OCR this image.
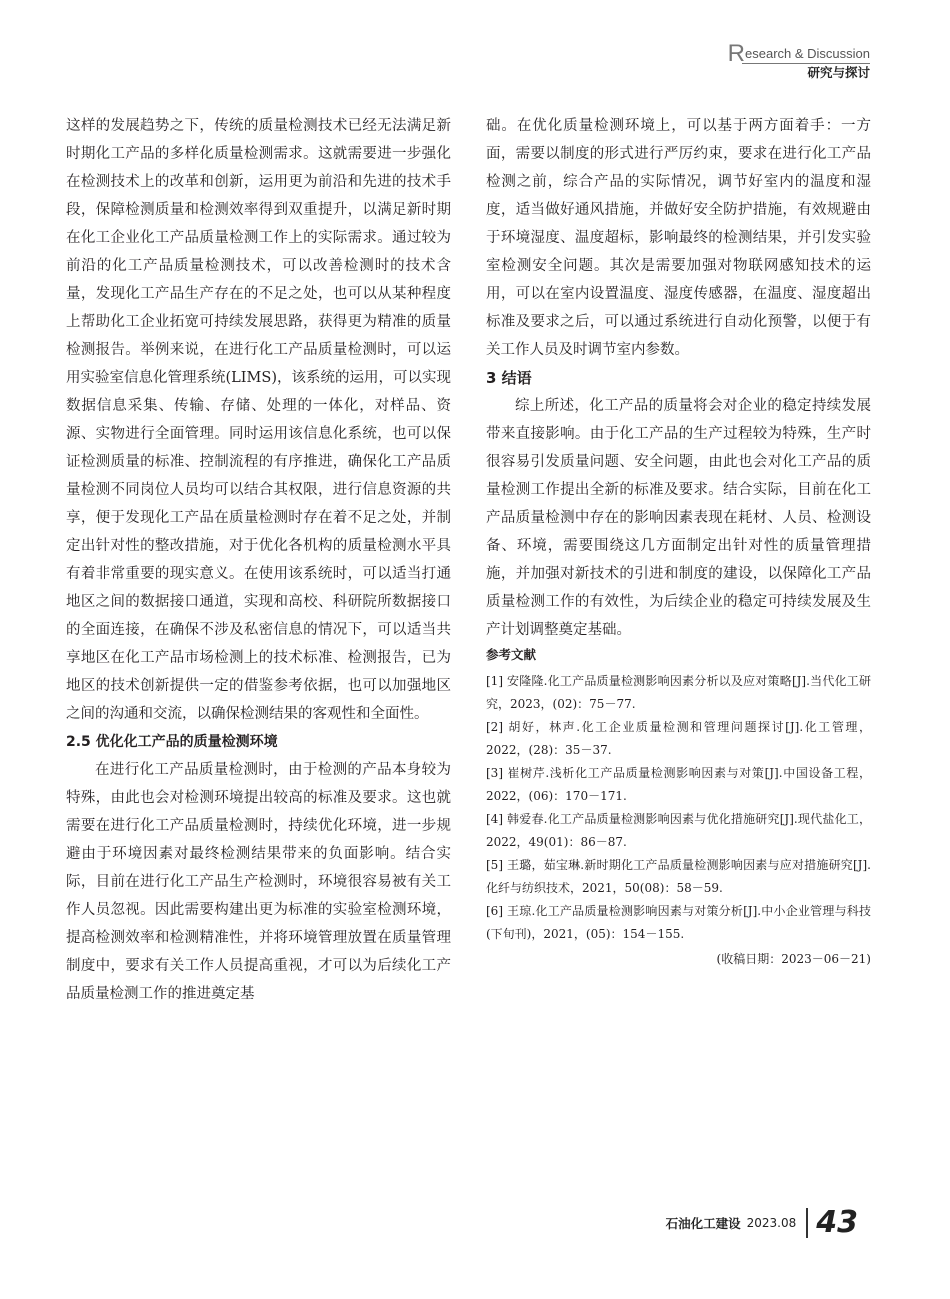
Research & Discussion
研究与探讨

这样的发展趋势之下，传统的质量检测技术已经无法满足新时期化工产品的多样化质量检测需求。这就需要进一步强化在检测技术上的改革和创新，运用更为前沿和先进的技术手段，保障检测质量和检测效率得到双重提升，以满足新时期在化工企业化工产品质量检测工作上的实际需求。通过较为前沿的化工产品质量检测技术，可以改善检测时的技术含量，发现化工产品生产存在的不足之处，也可以从某种程度上帮助化工企业拓宽可持续发展思路，获得更为精准的质量检测报告。举例来说，在进行化工产品质量检测时，可以运用实验室信息化管理系统(LIMS)，该系统的运用，可以实现数据信息采集、传输、存储、处理的一体化，对样品、资源、实物进行全面管理。同时运用该信息化系统，也可以保证检测质量的标准、控制流程的有序推进，确保化工产品质量检测不同岗位人员均可以结合其权限，进行信息资源的共享，便于发现化工产品在质量检测时存在着不足之处，并制定出针对性的整改措施，对于优化各机构的质量检测水平具有着非常重要的现实意义。在使用该系统时，可以适当打通地区之间的数据接口通道，实现和高校、科研院所数据接口的全面连接，在确保不涉及私密信息的情况下，可以适当共享地区在化工产品市场检测上的技术标准、检测报告，已为地区的技术创新提供一定的借鉴参考依据，也可以加强地区之间的沟通和交流，以确保检测结果的客观性和全面性。

2.5 优化化工产品的质量检测环境

在进行化工产品质量检测时，由于检测的产品本身较为特殊，由此也会对检测环境提出较高的标准及要求。这也就需要在进行化工产品质量检测时，持续优化环境，进一步规避由于环境因素对最终检测结果带来的负面影响。结合实际，目前在进行化工产品生产检测时，环境很容易被有关工作人员忽视。因此需要构建出更为标准的实验室检测环境，提高检测效率和检测精准性，并将环境管理放置在质量管理制度中，要求有关工作人员提高重视，才可以为后续化工产品质量检测工作的推进奠定基

础。在优化质量检测环境上，可以基于两方面着手：一方面，需要以制度的形式进行严厉约束，要求在进行化工产品检测之前，综合产品的实际情况，调节好室内的温度和湿度，适当做好通风措施，并做好安全防护措施，有效规避由于环境湿度、温度超标，影响最终的检测结果，并引发实验室检测安全问题。其次是需要加强对物联网感知技术的运用，可以在室内设置温度、湿度传感器，在温度、湿度超出标准及要求之后，可以通过系统进行自动化预警，以便于有关工作人员及时调节室内参数。

3 结语

综上所述，化工产品的质量将会对企业的稳定持续发展带来直接影响。由于化工产品的生产过程较为特殊，生产时很容易引发质量问题、安全问题，由此也会对化工产品的质量检测工作提出全新的标准及要求。结合实际，目前在化工产品质量检测中存在的影响因素表现在耗材、人员、检测设备、环境，需要围绕这几方面制定出针对性的质量管理措施，并加强对新技术的引进和制度的建设，以保障化工产品质量检测工作的有效性，为后续企业的稳定可持续发展及生产计划调整奠定基础。

参考文献

[1] 安隆隆.化工产品质量检测影响因素分析以及应对策略[J].当代化工研究，2023，(02)：75－77.

[2] 胡好，林声.化工企业质量检测和管理问题探讨[J].化工管理，2022，(28)：35－37.

[3] 崔树芹.浅析化工产品质量检测影响因素与对策[J].中国设备工程，2022，(06)：170－171.

[4] 韩爱春.化工产品质量检测影响因素与优化措施研究[J].现代盐化工，2022，49(01)：86－87.

[5] 王璐，茹宝琳.新时期化工产品质量检测影响因素与应对措施研究[J].化纤与纺织技术，2021，50(08)：58－59.

[6] 王琼.化工产品质量检测影响因素与对策分析[J].中小企业管理与科技(下旬刊)，2021，(05)：154－155.

(收稿日期：2023－06－21)
石油化工建设 2023.08 43
